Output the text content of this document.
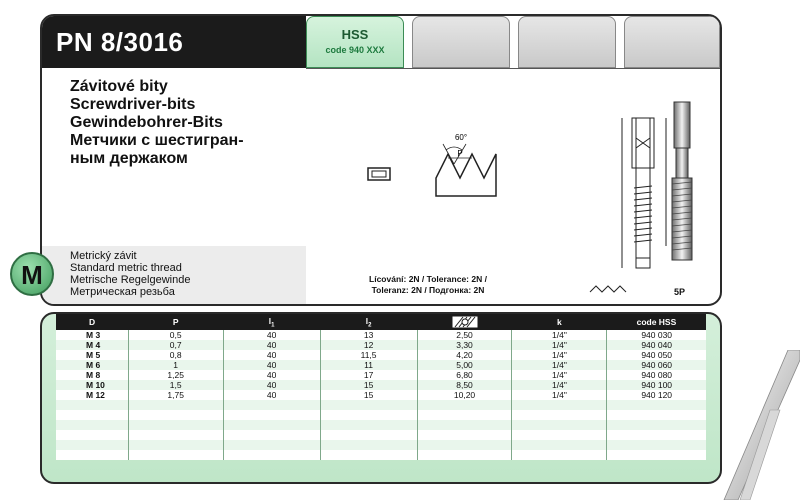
PN 8/3016	HSS
code 940 XXX
60°
P
Závitové bity
Screwdriver-bits
Gewindebohrer-Bits
Метчики с шестигран-
ным держаком
Metrický závit
Standard metric thread
Metrische Regelgewinde
Метрическая резьба
Lícování: 2N / Tolerance: 2N /
Toleranz: 2N / Подгонка: 2N	5P
M
D	P	$l_1$	$l_2$		k	code HSS
M 3	0,5	40	13	2,50	1/4"	940 030
M 4	0,7	40	12	3,30	1/4"	940 040
M 5	0,8	40	11,5	4,20	1/4"	940 050
M 6	1	40	11	5,00	1/4"	940 060
M 8	1,25	40	17	6,80	1/4"	940 080
M 10	1,5	40	15	8,50	1/4"	940 100
M 12	1,75	40	15	10,20	1/4"	940 120
